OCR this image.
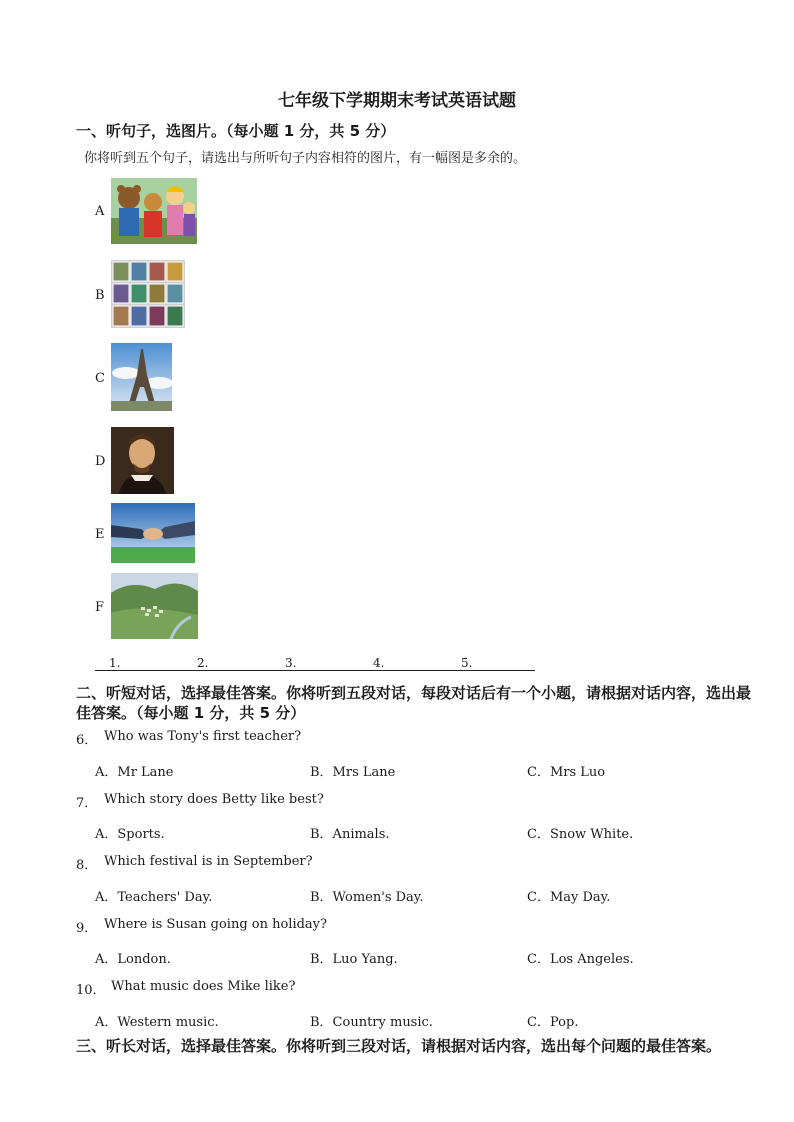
七年级下学期期末考试英语试题
一、听句子，选图片。（每小题 1 分，共 5 分）
你将听到五个句子，请选出与所听句子内容相符的图片，有一幅图是多余的。
A
B
C
D
E
F
1.	2.	3.	4.	5.
二、听短对话，选择最佳答案。你将听到五段对话，每段对话后有一个小题，请根据对话内容，选出最佳答案。（每小题 1 分，共 5 分）
6． Who was Tony's first teacher?
A．Mr Lane	B．Mrs Lane	C．Mrs Luo
7． Which story does Betty like best?
A．Sports.	B．Animals.	C．Snow White.
8． Which festival is in September?
A．Teachers' Day.	B．Women's Day.	C．May Day.
9． Where is Susan going on holiday?
A．London.	B．Luo Yang.	C．Los Angeles.
10． What music does Mike like?
A．Western music.	B．Country music.	C．Pop.
三、听长对话，选择最佳答案。你将听到三段对话，请根据对话内容，选出每个问题的最佳答案。
